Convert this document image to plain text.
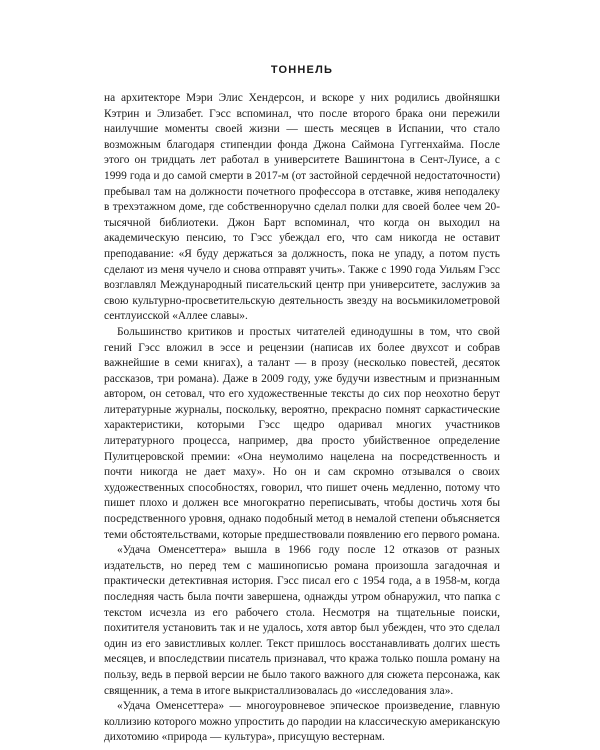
ТОННЕЛЬ

на архитекторе Мэри Элис Хендерсон, и вскоре у них родились двойняшки Кэтрин и Элизабет. Гэсс вспоминал, что после второго брака они пережили наилучшие моменты своей жизни — шесть месяцев в Испании, что стало возможным благодаря стипендии фонда Джона Саймона Гуггенхайма. После этого он тридцать лет работал в университете Вашингтона в Сент-Луисе, а с 1999 года и до самой смерти в 2017-м (от застойной сердечной недостаточности) пребывал там на должности почетного профессора в отставке, живя неподалеку в трехэтажном доме, где собственноручно сделал полки для своей более чем 20-тысячной библиотеки. Джон Барт вспоминал, что когда он выходил на академическую пенсию, то Гэсс убеждал его, что сам никогда не оставит преподавание: «Я буду держаться за должность, пока не упаду, а потом пусть сделают из меня чучело и снова отправят учить». Также с 1990 года Уильям Гэсс возглавлял Международный писательский центр при университете, заслужив за свою культурно-просветительскую деятельность звезду на восьмикилометровой сентлуисской «Аллее славы».

Большинство критиков и простых читателей единодушны в том, что свой гений Гэсс вложил в эссе и рецензии (написав их более двухсот и собрав важнейшие в семи книгах), а талант — в прозу (несколько повестей, десяток рассказов, три романа). Даже в 2009 году, уже будучи известным и признанным автором, он сетовал, что его художественные тексты до сих пор неохотно берут литературные журналы, поскольку, вероятно, прекрасно помнят саркастические характеристики, которыми Гэсс щедро одаривал многих участников литературного процесса, например, два просто убийственное определение Пулитцеровской премии: «Она неумолимо нацелена на посредственность и почти никогда не дает маху». Но он и сам скромно отзывался о своих художественных способностях, говорил, что пишет очень медленно, потому что пишет плохо и должен все многократно переписывать, чтобы достичь хотя бы посредственного уровня, однако подобный метод в немалой степени объясняется теми обстоятельствами, которые предшествовали появлению его первого романа.

«Удача Оменсеттера» вышла в 1966 году после 12 отказов от разных издательств, но перед тем с машинописью романа произошла загадочная и практически детективная история. Гэсс писал его с 1954 года, а в 1958-м, когда последняя часть была почти завершена, однажды утром обнаружил, что папка с текстом исчезла из его рабочего стола. Несмотря на тщательные поиски, похитителя установить так и не удалось, хотя автор был убежден, что это сделал один из его завистливых коллег. Текст пришлось восстанавливать долгих шесть месяцев, и впоследствии писатель признавал, что кража только пошла роману на пользу, ведь в первой версии не было такого важного для сюжета персонажа, как священник, а тема в итоге выкристаллизовалась до «исследования зла».

«Удача Оменсеттера» — многоуровневое эпическое произведение, главную коллизию которого можно упростить до пародии на классическую американскую дихотомию «природа — культура», присущую вестернам.
